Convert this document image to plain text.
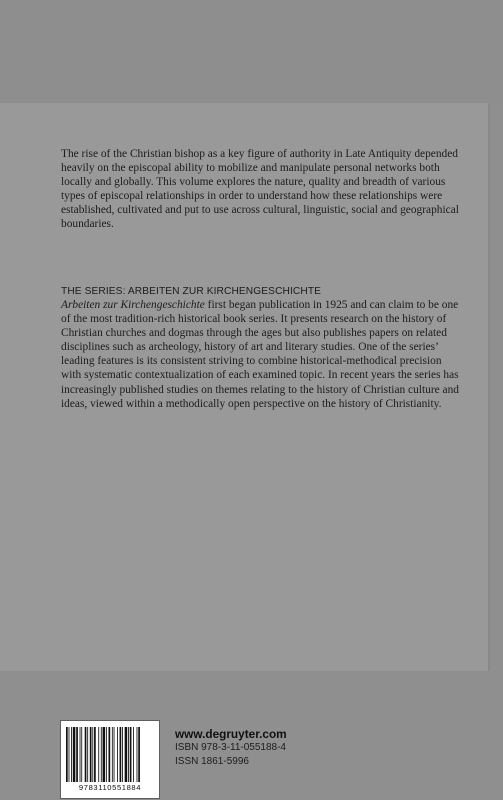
The rise of the Christian bishop as a key figure of authority in Late Antiquity depended heavily on the episcopal ability to mobilize and manipulate personal networks both locally and globally. This volume explores the nature, quality and breadth of various types of episcopal relationships in order to understand how these relationships were established, cultivated and put to use across cultural, linguistic, social and geographical boundaries.

THE SERIES: ARBEITEN ZUR KIRCHENGESCHICHTE

Arbeiten zur Kirchengeschichte first began publication in 1925 and can claim to be one of the most tradition-rich historical book series. It presents research on the history of Christian churches and dogmas through the ages but also publishes papers on related disciplines such as archeology, history of art and literary studies. One of the series’ leading features is its consistent striving to combine historical-methodical precision with systematic contextualization of each examined topic. In recent years the series has increasingly published studies on themes relating to the history of Christian culture and ideas, viewed within a methodically open perspective on the history of Christianity.

9783110551884
www.degruyter.com
ISBN 978-3-11-055188-4
ISSN 1861-5996
